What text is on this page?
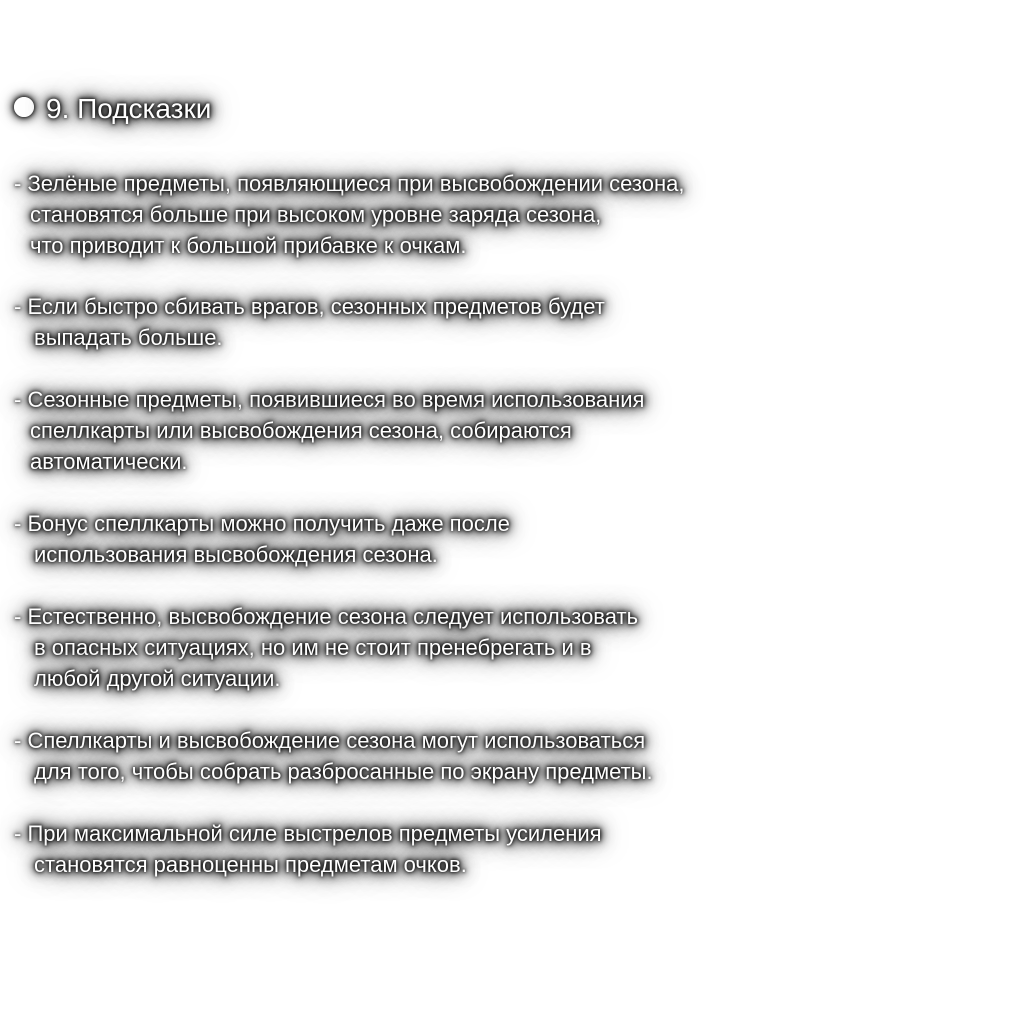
9. Подсказки
- Зелёные предметы, появляющиеся при высвобождении сезона,
становятся больше при высоком уровне заряда сезона,
что приводит к большой прибавке к очкам.
- Если быстро сбивать врагов, сезонных предметов будет
выпадать больше.
- Сезонные предметы, появившиеся во время использования
спеллкарты или высвобождения сезона, собираются
автоматически.
- Бонус спеллкарты можно получить даже после
использования высвобождения сезона.
- Естественно, высвобождение сезона следует использовать
в опасных ситуациях, но им не стоит пренебрегать и в
любой другой ситуации.
- Спеллкарты и высвобождение сезона могут использоваться
для того, чтобы собрать разбросанные по экрану предметы.
- При максимальной силе выстрелов предметы усиления
становятся равноценны предметам очков.
